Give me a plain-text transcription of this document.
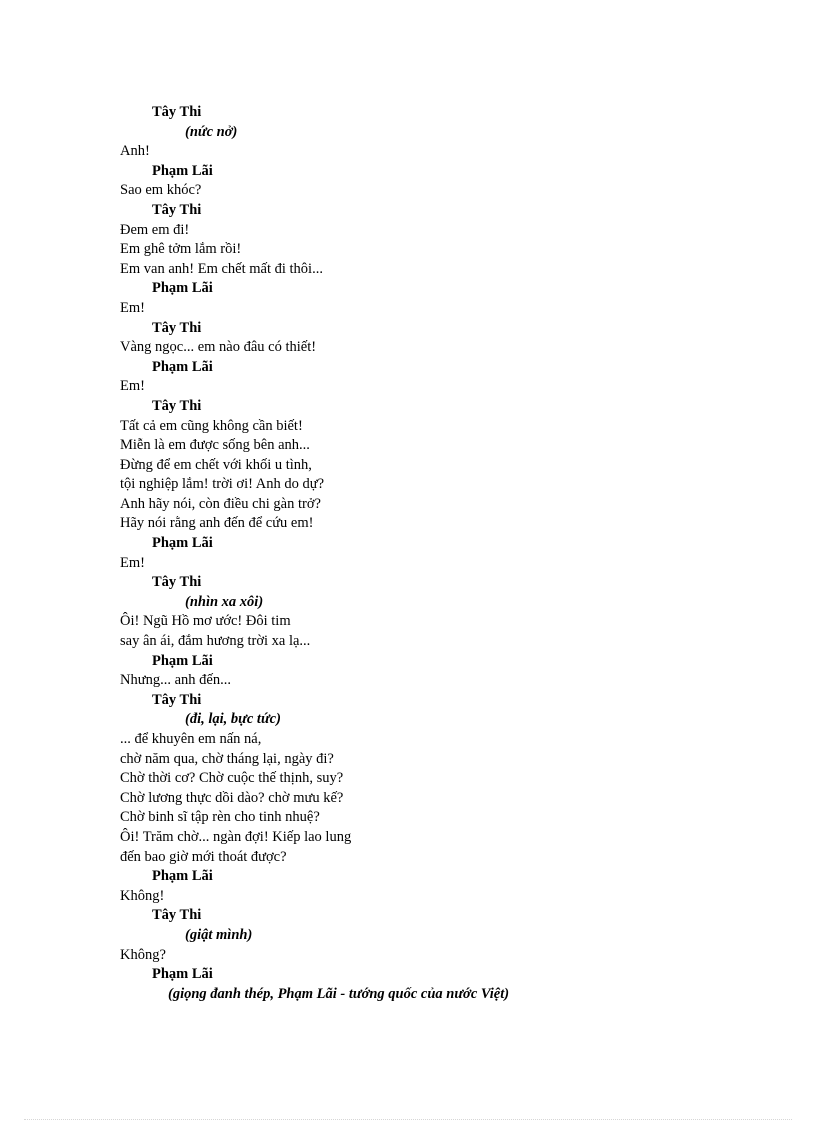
Tây Thi
(nức nở)
Anh!
Phạm Lãi
Sao em khóc?
Tây Thi
Đem em đi!
Em ghê tởm lắm rồi!
Em van anh! Em chết mất đi thôi...
Phạm Lãi
Em!
Tây Thi
Vàng ngọc... em nào đâu có thiết!
Phạm Lãi
Em!
Tây Thi
Tất cả em cũng không cần biết!
Miễn là em được sống bên anh...
Đừng để em chết với khối u tình,
tội nghiệp lắm! trời ơi! Anh do dự?
Anh hãy nói, còn điều chi gàn trở?
Hãy nói rằng anh đến để cứu em!
Phạm Lãi
Em!
Tây Thi
(nhìn xa xôi)
Ôi! Ngũ Hồ mơ ước! Đôi tim
say ân ái, đắm hương trời xa lạ...
Phạm Lãi
Nhưng... anh đến...
Tây Thi
(đi, lại, bực tức)
... để khuyên em nấn ná,
chờ năm qua, chờ tháng lại, ngày đi?
Chờ thời cơ? Chờ cuộc thế thịnh, suy?
Chờ lương thực dồi dào? chờ mưu kế?
Chờ binh sĩ tập rèn cho tinh nhuệ?
Ôi! Trăm chờ... ngàn đợi! Kiếp lao lung
đến bao giờ mới thoát được?
Phạm Lãi
Không!
Tây Thi
(giật mình)
Không?
Phạm Lãi
(giọng đanh thép, Phạm Lãi - tướng quốc của nước Việt)
